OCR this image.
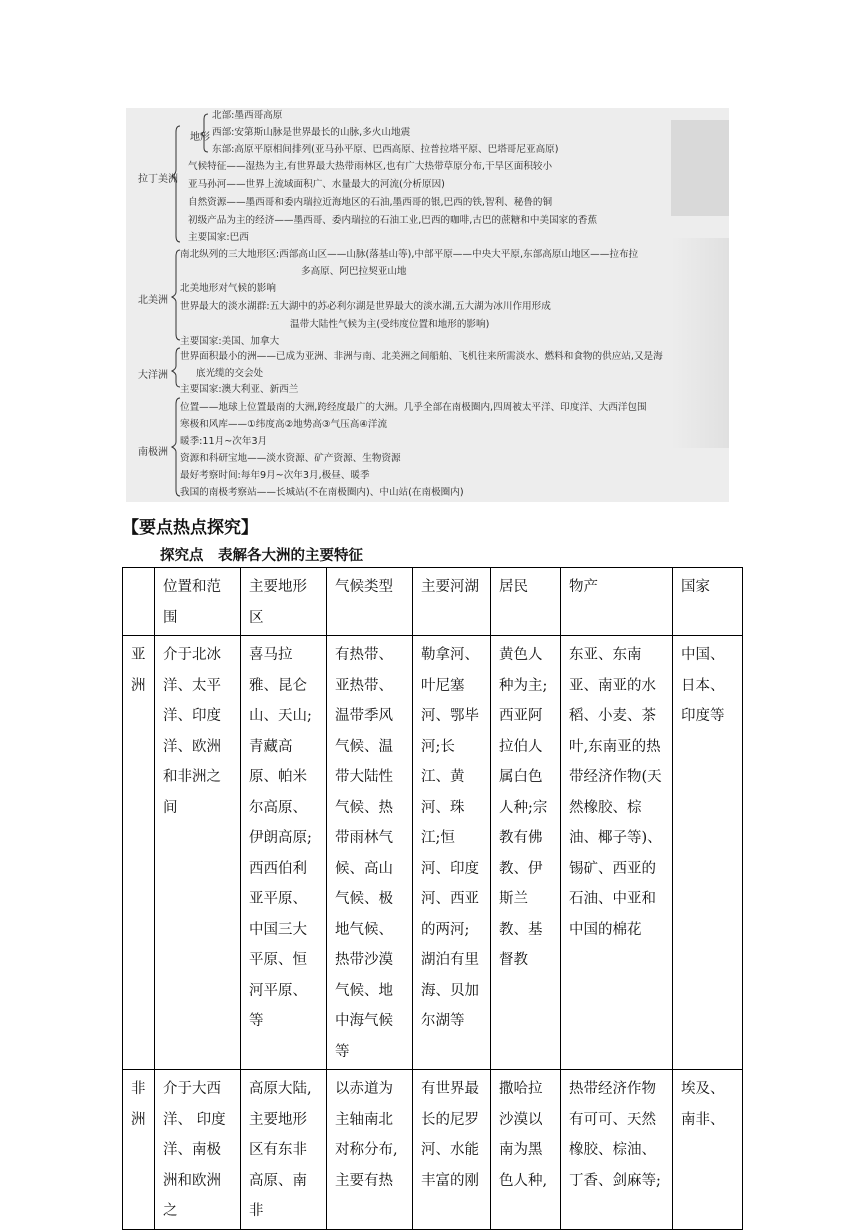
拉丁美洲
地形
北部:墨西哥高原
西部:安第斯山脉是世界最长的山脉,多火山地震
东部:高原平原相间排列(亚马孙平原、巴西高原、拉普拉塔平原、巴塔哥尼亚高原)
气候特征——湿热为主,有世界最大热带雨林区,也有广大热带草原分布,干旱区面积较小
亚马孙河——世界上流域面积广、水量最大的河流(分析原因)
自然资源——墨西哥和委内瑞拉近海地区的石油,墨西哥的银,巴西的铁,智利、秘鲁的铜
初级产品为主的经济——墨西哥、委内瑞拉的石油工业,巴西的咖啡,古巴的蔗糖和中美国家的香蕉
主要国家:巴西
北美洲
南北纵列的三大地形区:西部高山区——山脉(落基山等),中部平原——中央大平原,东部高原山地区——拉布拉
多高原、阿巴拉契亚山地
北美地形对气候的影响
世界最大的淡水湖群:五大湖中的苏必利尔湖是世界最大的淡水湖,五大湖为冰川作用形成
温带大陆性气候为主(受纬度位置和地形的影响)
主要国家:美国、加拿大
大洋洲
世界面积最小的洲——已成为亚洲、非洲与南、北美洲之间船舶、飞机往来所需淡水、燃料和食物的供应站,又是海
底光缆的交会处
主要国家:澳大利亚、新西兰
南极洲
位置——地球上位置最南的大洲,跨经度最广的大洲。几乎全部在南极圈内,四周被太平洋、印度洋、大西洋包围
寒极和风库——①纬度高②地势高③气压高④洋流
暖季:11月~次年3月
资源和科研宝地——淡水资源、矿产资源、生物资源
最好考察时间:每年9月~次年3月,极昼、暖季
我国的南极考察站——长城站(不在南极圈内)、中山站(在南极圈内)
【要点热点探究】
探究点　表解各大洲的主要特征
	位置和范围	主要地形区	气候类型	主要河湖	居民	物产	国家
亚洲	介于北冰洋、太平洋、印度洋、欧洲和非洲之间	喜马拉雅、昆仑山、天山;青藏高原、帕米尔高原、伊朗高原;西西伯利亚平原、中国三大平原、恒河平原、等	有热带、亚热带、温带季风气候、温带大陆性气候、热带雨林气候、高山气候、极地气候、热带沙漠气候、地中海气候等	勒拿河、叶尼塞河、鄂毕河;长江、黄河、珠江;恒河、印度河、西亚的两河;湖泊有里海、贝加尔湖等	黄色人种为主;西亚阿拉伯人属白色人种;宗教有佛教、伊斯兰教、基督教	东亚、东南亚、南亚的水稻、小麦、茶叶,东南亚的热带经济作物(天然橡胶、棕油、椰子等)、锡矿、西亚的石油、中亚和中国的棉花	中国、日本、印度等
非洲	介于大西洋、 印度洋、南极洲和欧洲之	高原大陆,主要地形区有东非高原、南非	以赤道为主轴南北对称分布,主要有热	有世界最长的尼罗河、水能丰富的刚	撒哈拉沙漠以南为黑色人种,	热带经济作物有可可、天然橡胶、棕油、丁香、剑麻等;	埃及、南非、
